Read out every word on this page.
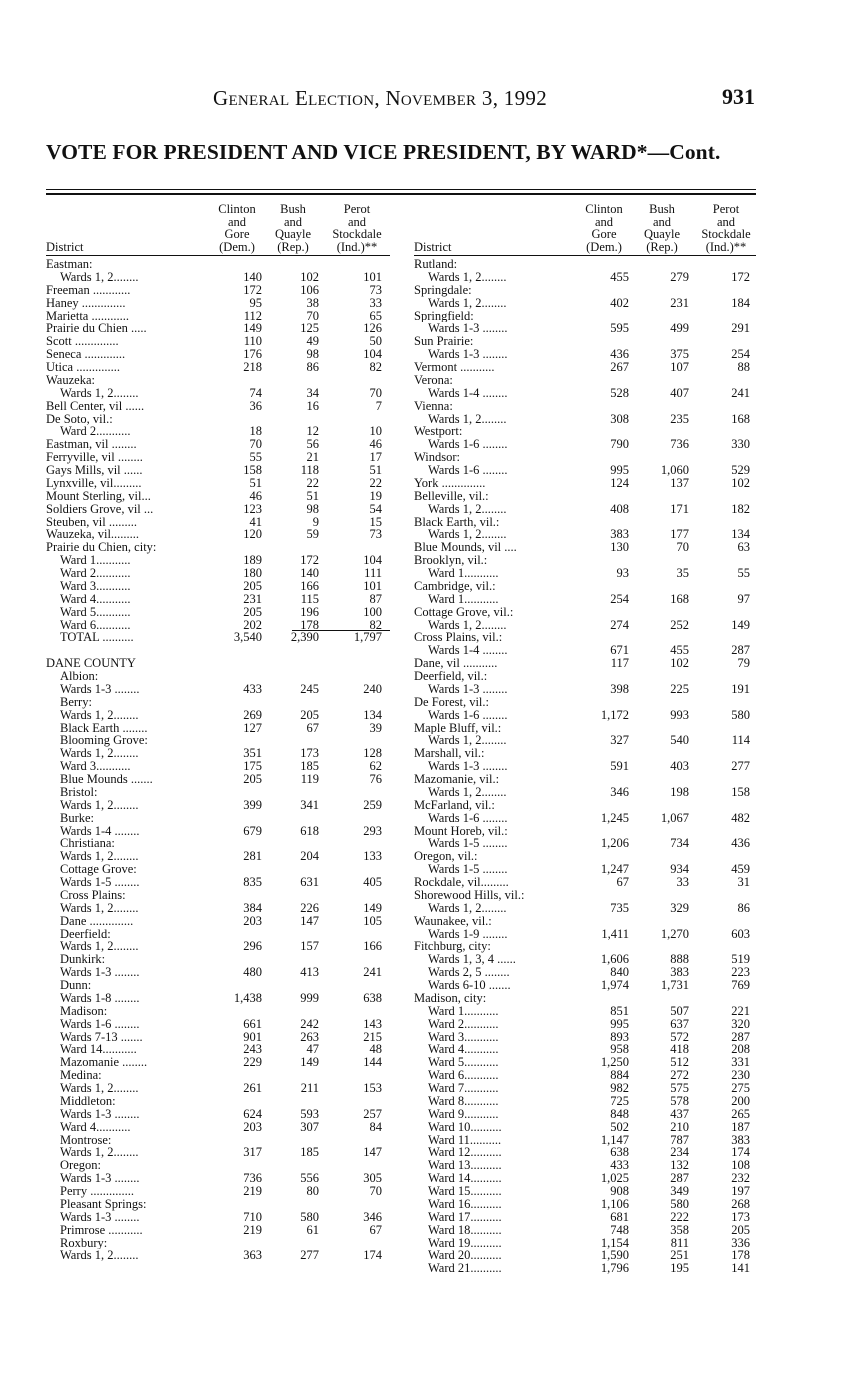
General Election, November 3, 1992	931
VOTE FOR PRESIDENT AND VICE PRESIDENT, BY WARD*—Cont.
District
Clinton
and
Gore
(Dem.)
Bush
and
Quayle
(Rep.)
Perot
and
Stockdale
(Ind.)**
Eastman:
Wards 1, 2........	140	102	101
Freeman ............	172	106	73
Haney ..............	95	38	33
Marietta ............	112	70	65
Prairie du Chien .....	149	125	126
Scott ..............	110	49	50
Seneca .............	176	98	104
Utica ..............	218	86	82
Wauzeka:
Wards 1, 2........	74	34	70
Bell Center, vil ......	36	16	7
De Soto, vil.:
Ward 2...........	18	12	10
Eastman, vil ........	70	56	46
Ferryville, vil ........	55	21	17
Gays Mills, vil ......	158	118	51
Lynxville, vil.........	51	22	22
Mount Sterling, vil...	46	51	19
Soldiers Grove, vil ...	123	98	54
Steuben, vil .........	41	9	15
Wauzeka, vil.........	120	59	73
Prairie du Chien, city:
Ward 1...........	189	172	104
Ward 2...........	180	140	111
Ward 3...........	205	166	101
Ward 4...........	231	115	87
Ward 5...........	205	196	100
Ward 6...........	202	178	82
TOTAL ..........	3,540 2,390	1,797
DANE COUNTY
Albion:
Wards 1-3 ........	433	245	240
Berry:
Wards 1, 2........	269	205	134
Black Earth ........	127	67	39
Blooming Grove:
Wards 1, 2........	351	173	128
Ward 3...........	175	185	62
Blue Mounds .......	205	119	76
Bristol:
Wards 1, 2........	399	341	259
Burke:
Wards 1-4 ........	679	618	293
Christiana:
Wards 1, 2........	281	204	133
Cottage Grove:
Wards 1-5 ........	835	631	405
Cross Plains:
Wards 1, 2........	384	226	149
Dane ..............	203	147	105
Deerfield:
Wards 1, 2........	296	157	166
Dunkirk:
Wards 1-3 ........	480	413	241
Dunn:
Wards 1-8 ........	1,438	999	638
Madison:
Wards 1-6 ........	661	242	143
Wards 7-13 .......	901	263	215
Ward 14...........	243	47	48
Mazomanie ........	229	149	144
Medina:
Wards 1, 2........	261	211	153
Middleton:
Wards 1-3 ........	624	593	257
Ward 4...........	203	307	84
Montrose:
Wards 1, 2........	317	185	147
Oregon:
Wards 1-3 ........	736	556	305
Perry ..............	219	80	70
Pleasant Springs:
Wards 1-3 ........	710	580	346
Primrose ...........	219	61	67
Roxbury:
Wards 1, 2........	363	277	174
District
Clinton
and
Gore
(Dem.)
Bush
and
Quayle
(Rep.)
Perot
and
Stockdale
(Ind.)**
Rutland:
Wards 1, 2........	455	279	172
Springdale:
Wards 1, 2........	402	231	184
Springfield:
Wards 1-3 ........	595	499	291
Sun Prairie:
Wards 1-3 ........	436	375	254
Vermont ...........	267	107	88
Verona:
Wards 1-4 ........	528	407	241
Vienna:
Wards 1, 2........	308	235	168
Westport:
Wards 1-6 ........	790	736	330
Windsor:
Wards 1-6 ........	995	1,060	529
York ..............	124	137	102
Belleville, vil.:
Wards 1, 2........	408	171	182
Black Earth, vil.:
Wards 1, 2........	383	177	134
Blue Mounds, vil ....	130	70	63
Brooklyn, vil.:
Ward 1...........	93	35	55
Cambridge, vil.:
Ward 1...........	254	168	97
Cottage Grove, vil.:
Wards 1, 2........	274	252	149
Cross Plains, vil.:
Wards 1-4 ........	671	455	287
Dane, vil ...........	117	102	79
Deerfield, vil.:
Wards 1-3 ........	398	225	191
De Forest, vil.:
Wards 1-6 ........	1,172	993	580
Maple Bluff, vil.:
Wards 1, 2........	327	540	114
Marshall, vil.:
Wards 1-3 ........	591	403	277
Mazomanie, vil.:
Wards 1, 2........	346	198	158
McFarland, vil.:
Wards 1-6 ........	1,245	1,067	482
Mount Horeb, vil.:
Wards 1-5 ........	1,206	734	436
Oregon, vil.:
Wards 1-5 ........	1,247	934	459
Rockdale, vil.........	67	33	31
Shorewood Hills, vil.:
Wards 1, 2........	735	329	86
Waunakee, vil.:
Wards 1-9 ........	1,411	1,270	603
Fitchburg, city:
Wards 1, 3, 4 ......	1,606	888	519
Wards 2, 5 ........	840	383	223
Wards 6-10 .......	1,974	1,731	769
Madison, city:
Ward 1...........	851	507	221
Ward 2...........	995	637	320
Ward 3...........	893	572	287
Ward 4...........	958	418	208
Ward 5...........	1,250	512	331
Ward 6...........	884	272	230
Ward 7...........	982	575	275
Ward 8...........	725	578	200
Ward 9...........	848	437	265
Ward 10..........	502	210	187
Ward 11..........	1,147	787	383
Ward 12..........	638	234	174
Ward 13..........	433	132	108
Ward 14..........	1,025	287	232
Ward 15..........	908	349	197
Ward 16..........	1,106	580	268
Ward 17..........	681	222	173
Ward 18..........	748	358	205
Ward 19..........	1,154	811	336
Ward 20..........	1,590	251	178
Ward 21..........	1,796	195	141
